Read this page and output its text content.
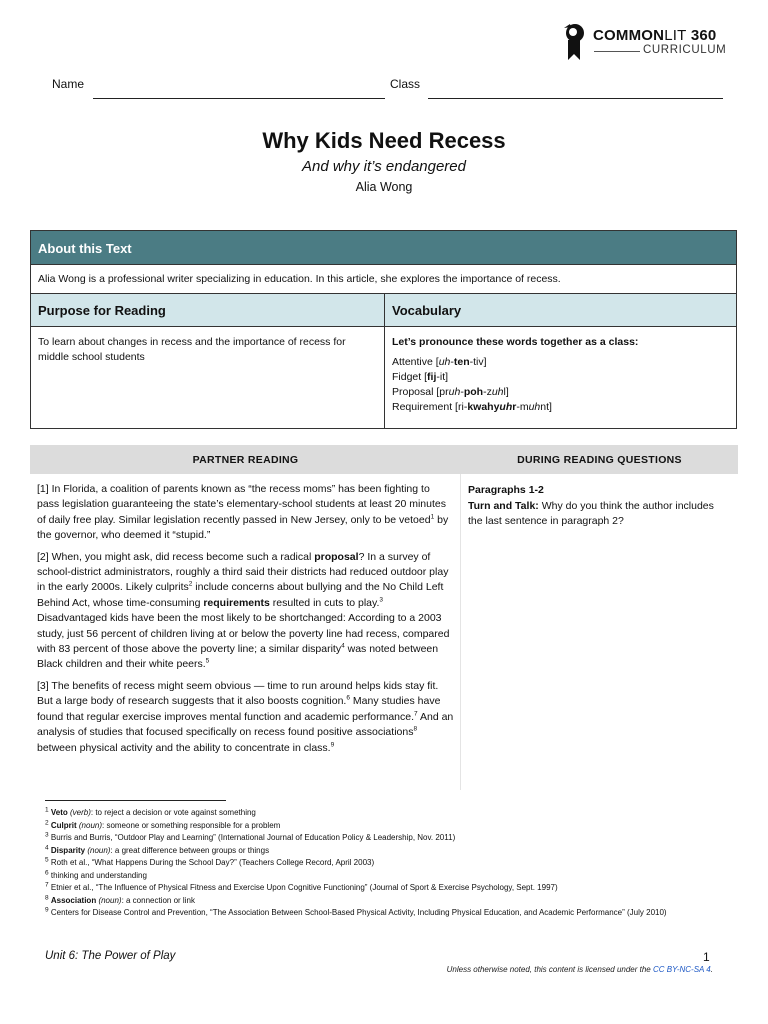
COMMONLIT 360
CURRICULUM
Name	Class
Why Kids Need Recess
And why it’s endangered
Alia Wong
About this Text
Alia Wong is a professional writer specializing in education. In this article, she explores the importance of recess.
Purpose for Reading
To learn about changes in recess and the importance of recess for middle school students
Vocabulary
Let’s pronounce these words together as a class:
Attentive [uh-ten-tiv]
Fidget [fij-it]
Proposal [pruh-poh-zuhl]
Requirement [ri-kwahyuhr-muhnt]
PARTNER READING	DURING READING QUESTIONS

[1] In Florida, a coalition of parents known as “the recess moms” has been fighting to pass legislation guaranteeing the state’s elementary-school students at least 20 minutes of daily free play. Similar legislation recently passed in New Jersey, only to be vetoed$^1$ by the governor, who deemed it “stupid.”

[2] When, you might ask, did recess become such a radical proposal? In a survey of school-district administrators, roughly a third said their districts had reduced outdoor play in the early 2000s. Likely culprits$^2$ include concerns about bullying and the No Child Left Behind Act, whose time-consuming requirements resulted in cuts to play.$^3$ Disadvantaged kids have been the most likely to be shortchanged: According to a 2003 study, just 56 percent of children living at or below the poverty line had recess, compared with 83 percent of those above the poverty line; a similar disparity$^4$ was noted between Black children and their white peers.$^5$

[3] The benefits of recess might seem obvious — time to run around helps kids stay fit. But a large body of research suggests that it also boosts cognition.$^6$ Many studies have found that regular exercise improves mental function and academic performance.$^7$ And an analysis of studies that focused specifically on recess found positive associations$^8$ between physical activity and the ability to concentrate in class.$^9$

Paragraphs 1-2
Turn and Talk: Why do you think the author includes the last sentence in paragraph 2?
$^1$ Veto (verb): to reject a decision or vote against something
$^2$ Culprit (noun): someone or something responsible for a problem
$^3$ Burris and Burris, “Outdoor Play and Learning” (International Journal of Education Policy & Leadership, Nov. 2011)
$^4$ Disparity (noun): a great difference between groups or things
$^5$ Roth et al., “What Happens During the School Day?” (Teachers College Record, April 2003)
$^6$ thinking and understanding
$^7$ Etnier et al., “The Influence of Physical Fitness and Exercise Upon Cognitive Functioning” (Journal of Sport & Exercise Psychology, Sept. 1997)
$^8$ Association (noun): a connection or link
$^9$ Centers for Disease Control and Prevention, “The Association Between School-Based Physical Activity, Including Physical Education, and Academic Performance” (July 2010)
Unit 6: The Power of Play	1
Unless otherwise noted, this content is licensed under the CC BY-NC-SA 4.
